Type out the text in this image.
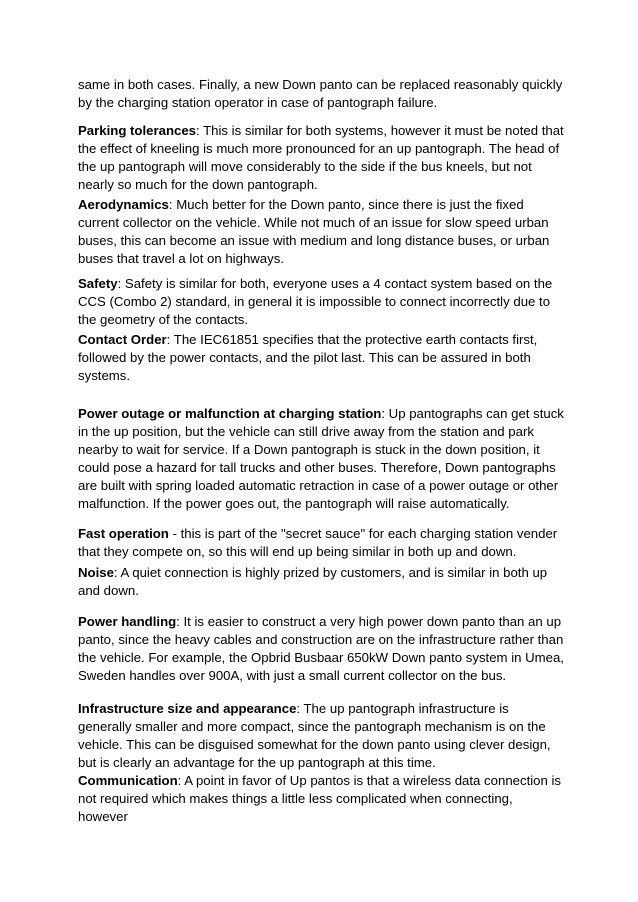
same in both cases. Finally, a new Down panto can be replaced reasonably quickly by the charging station operator in case of pantograph failure.

Parking tolerances: This is similar for both systems, however it must be noted that the effect of kneeling is much more pronounced for an up pantograph. The head of the up pantograph will move considerably to the side if the bus kneels, but not nearly so much for the down pantograph.

Aerodynamics: Much better for the Down panto, since there is just the fixed current collector on the vehicle. While not much of an issue for slow speed urban buses, this can become an issue with medium and long distance buses, or urban buses that travel a lot on highways.

Safety: Safety is similar for both, everyone uses a 4 contact system based on the CCS (Combo 2) standard, in general it is impossible to connect incorrectly due to the geometry of the contacts.

Contact Order: The IEC61851 specifies that the protective earth contacts first, followed by the power contacts, and the pilot last. This can be assured in both systems.

Power outage or malfunction at charging station: Up pantographs can get stuck in the up position, but the vehicle can still drive away from the station and park nearby to wait for service. If a Down pantograph is stuck in the down position, it could pose a hazard for tall trucks and other buses. Therefore, Down pantographs are built with spring loaded automatic retraction in case of a power outage or other malfunction. If the power goes out, the pantograph will raise automatically.

Fast operation - this is part of the "secret sauce" for each charging station vender that they compete on, so this will end up being similar in both up and down.

Noise: A quiet connection is highly prized by customers, and is similar in both up and down.

Power handling: It is easier to construct a very high power down panto than an up panto, since the heavy cables and construction are on the infrastructure rather than the vehicle. For example, the Opbrid Busbaar 650kW Down panto system in Umea, Sweden handles over 900A, with just a small current collector on the bus.

Infrastructure size and appearance: The up pantograph infrastructure is generally smaller and more compact, since the pantograph mechanism is on the vehicle. This can be disguised somewhat for the down panto using clever design, but is clearly an advantage for the up pantograph at this time.

Communication: A point in favor of Up pantos is that a wireless data connection is not required which makes things a little less complicated when connecting, however
